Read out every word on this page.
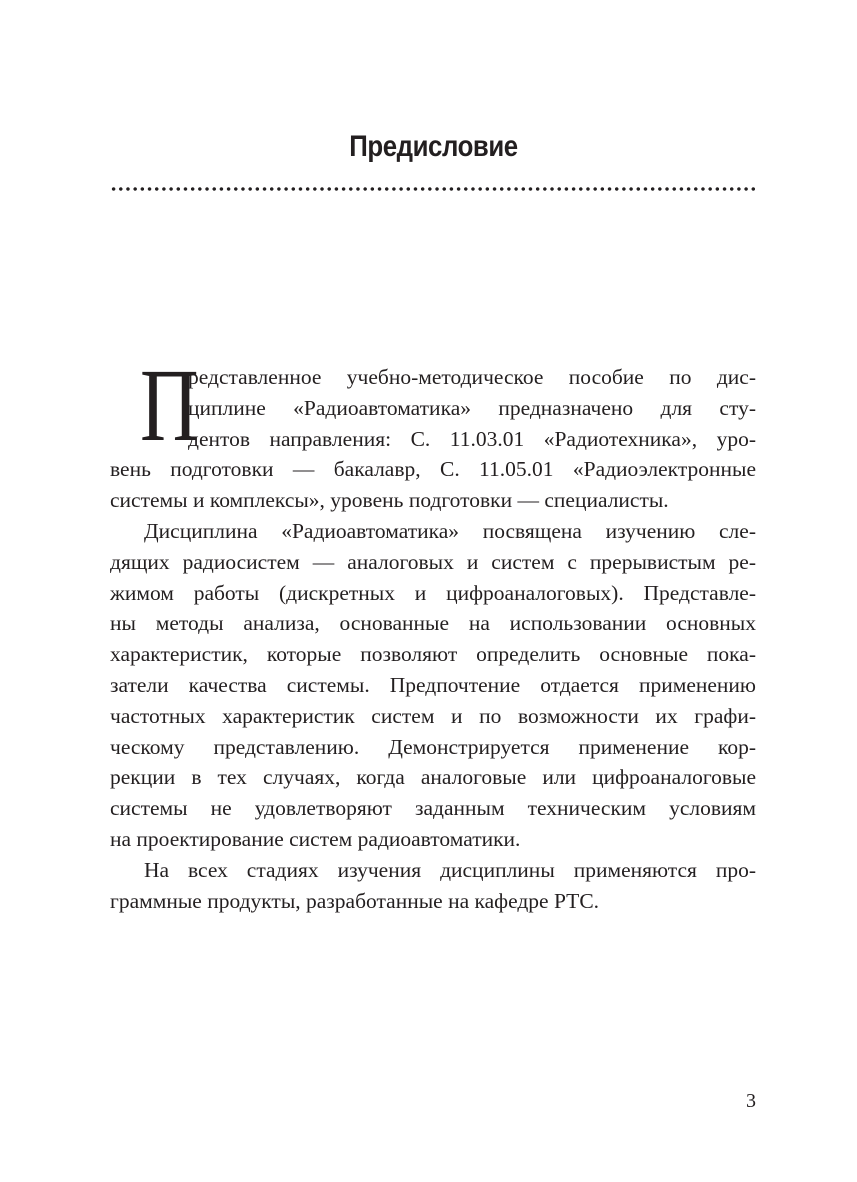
Предисловие
П
редставленное учебно-методическое пособие по дис-
циплине «Радиоавтоматика» предназначено для сту-
дентов направления: С. 11.03.01 «Радиотехника», уро-
вень подготовки — бакалавр, С. 11.05.01 «Радиоэлектронные
системы и комплексы», уровень подготовки — специалисты.
Дисциплина «Радиоавтоматика» посвящена изучению сле-
дящих радиосистем — аналоговых и систем с прерывистым ре-
жимом работы (дискретных и цифроаналоговых). Представле-
ны методы анализа, основанные на использовании основных
характеристик, которые позволяют определить основные пока-
затели качества системы. Предпочтение отдается применению
частотных характеристик систем и по возможности их графи-
ческому представлению. Демонстрируется применение кор-
рекции в тех случаях, когда аналоговые или цифроаналоговые
системы не удовлетворяют заданным техническим условиям
на проектирование систем радиоавтоматики.
На всех стадиях изучения дисциплины применяются про-
граммные продукты, разработанные на кафедре РТС.
3
